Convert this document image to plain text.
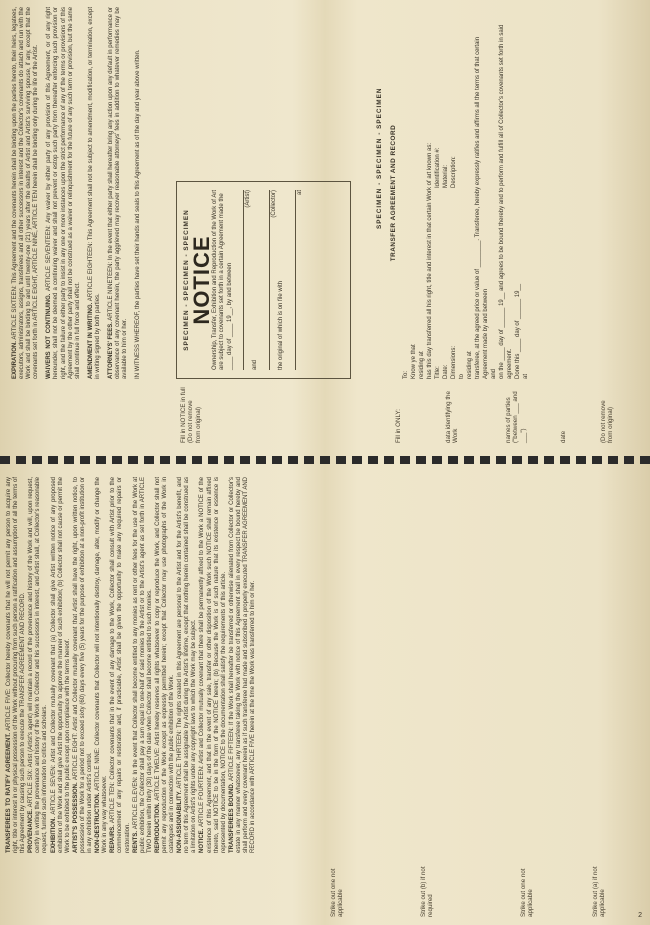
Strike out one not applicable	Strike out (b) if not required	Strike out one not applicable	Strike out (a) if not applicable

TRANSFEREES TO RATIFY AGREEMENT. ARTICLE FIVE: Collector hereby covenants that he will not permit any person to acquire any right, title or interest in or physical possession of the Work without procuring from such person a ratification and assumption of all the terms of this Agreement by causing such person to execute the TRANSFER AGREEMENT AND RECORD. PROVENANCE. ARTICLE SIX: Artist (Artist's agent) will maintain a record of the provenance and history of the Work and will, upon request, certify in writing the provenance and history of the Work to Collector and his successors in interest, and Artist shall, at Collector's reasonable request, furnish such information to critics and scholars. EXHIBITION. ARTICLE SEVEN: Artist and Collector mutually covenant that (a) Collector shall give Artist written notice of any proposed exhibition of the Work and shall give Artist the opportunity to approve the manner of such exhibition; (b) Collector shall not cause or permit the Work to be exhibited to the public except upon compliance with the terms hereof. ARTIST'S POSSESSION. ARTICLE EIGHT: Artist and Collector mutually covenant that Artist shall have the right, upon written notice, to possession of the Work for a period not to exceed sixty (60) days every five (5) years for the purpose of exhibition at a non-profit institution or in any exhibition under Artist's control. NON-DESTRUCTION. ARTICLE NINE: Collector covenants that Collector will not intentionally destroy, damage, alter, modify or change the Work in any way whatsoever. REPAIRS. ARTICLE TEN: Collector covenants that in the event of any damage to the Work, Collector shall consult with Artist prior to the commencement of any repairs or restoration and, if practicable, Artist shall be given the opportunity to make any required repairs or restoration. RENTS. ARTICLE ELEVEN: In the event that Collector shall become entitled to any monies as rent or other fees for the use of the Work at public exhibition, the Collector shall pay a sum equal to one-half of said monies to the Artist or to the Artist's agent as set forth in ARTICLE TWO herein within thirty (30) days of the date when Collector shall become entitled to such monies. REPRODUCTION. ARTICLE TWELVE: Artist hereby reserves all rights whatsoever to copy or reproduce the Work, and Collector shall not permit any reproduction of the Work except as expressly permitted herein; except that Collector may use photographs of the Work in catalogues and in connection with the public exhibition of the Work. NON-ASSIGNABILITY. ARTICLE THIRTEEN: The rights created in this Agreement are personal to the Artist and for the Artist's benefit, and no term of this Agreement shall be assignable by Artist during the Artist's lifetime, except that nothing herein contained shall be construed as a limitation on Artist's rights under any copyright laws to which the Work may be subject. NOTICE. ARTICLE FOURTEEN: Artist and Collector mutually covenant that there shall be permanently affixed to the Work a NOTICE of the existence of this Agreement, and that in the event of any sale, transfer or other disposition of the Work such NOTICE shall remain affixed thereto, said NOTICE to be in the form of the NOTICE herein; (b) Because the Work is of such nature that its existence or essence is represented by documentation, NOTICE to the documentation shall satisfy the requirements of this article. TRANSFEREES BOUND. ARTICLE FIFTEEN: If the Work shall hereafter be transferred or otherwise alienated from Collector or Collector's estate in any manner whatsoever, any transferee taking the Work with notice of this Agreement shall in every respect be bound hereby and shall perform and every covenant herein as if such transferee had made and subscribed a properly executed TRANSFER AGREEMENT AND RECORD in accordance with ARTICLE FIVE herein at the time the Work was transferred to him or her.

Fill in NOTICE in full (Do not remove from original)	Fill in ONLY:	data identifying the Work	names of parties ("between ___ and ___")	date	(Do not remove from original)

EXPIRATION. ARTICLE SIXTEEN: This Agreement and the covenants herein shall be binding upon the parties hereto, their heirs, legatees, executors, administrators, assigns, transferees and all other successors in interest and the Collector's covenants do attach and run with the Work and shall be binding to and until twenty-one (21) years after the deaths of Artist and Artist's surviving spouse, if any, except that the covenants set forth in ARTICLE EIGHT, ARTICLE NINE, ARTICLE TEN herein shall be binding only during the life of the Artist. WAIVERS NOT CONTINUING. ARTICLE SEVENTEEN: Any waiver by either party of any provision of this Agreement, or of any right hereunder, shall not be deemed a continuing waiver and shall not prevent or estop such party from thereafter enforcing such provision or right, and the failure of either party to insist in any one or more instances upon the strict performance of any of the terms or provisions of this Agreement by the other party shall not be construed as a waiver or relinquishment for the future of any such term or provision, but the same shall continue in full force and effect. AMENDMENT IN WRITING. ARTICLE EIGHTEEN: This Agreement shall not be subject to amendment, modification, or termination, except in writing signed by both parties. ATTORNEYS' FEES. ARTICLE NINETEEN: In the event that either party shall hereafter bring any action upon any default in performance or observance of any covenant herein, the party aggrieved may recover reasonable attorneys' fees in addition to whatever remedies may be available to him or her. IN WITNESS WHEREOF, the parties have set their hands and seals to this Agreement as of the day and year above written.	SPECIMEN - SPECIMEN - SPECIMEN NOTICE
Ownership, Transfer, Exhibition and Reproduction of the Work of Art are subject to covenants set forth in a certain Agreement made the ____ day of ____ 19__, by and between
(Artist)
and
(Collector)
the original of which is on file with
at	SPECIMEN - SPECIMEN - SPECIMEN TRANSFER AGREEMENT AND RECORD
To: Know ye that residing at has this day transferred all his right, title and interest in that certain Work of art known as: Title:
Identification #:
Date:
Material:
Dimensions:
Description:
to residing at transferee, at the agreed price or value of ________. Transferee, hereby expressly ratifies and affirms all the terms of that certain Agreement made by and between and on the ____ day of ______ 19__ and agrees to be bound thereby and to perform and fulfill all of Collector's covenants set forth in said agreement. Done this ____ day of ______ 19__ at
2
